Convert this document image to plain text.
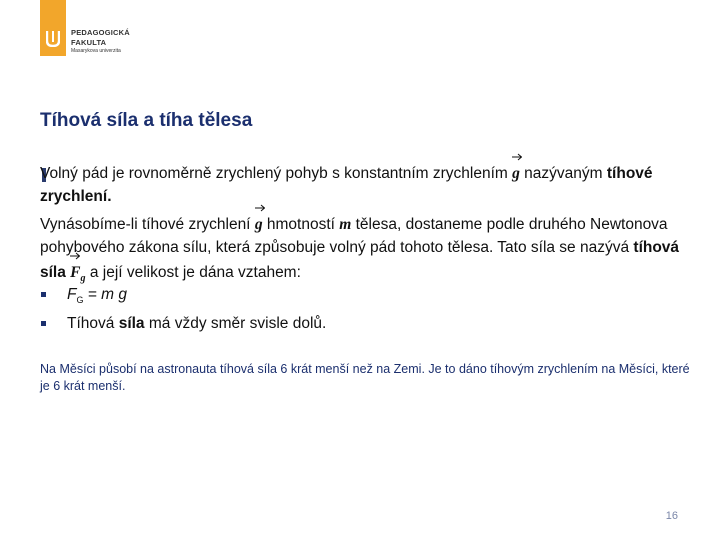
PEDAGOGICKÁ
FAKULTA
Masarykova univerzita
Tíhová síla a tíha tělesa

Volný pád je rovnoměrně zrychlený pohyb s konstantním zrychlením
g nazývaným tíhové zrychlení.

Vynásobíme-li tíhové zrychlení
g hmotností m tělesa, dostaneme podle druhého Newtonova pohybového zákona sílu, která způsobuje volný pád tohoto tělesa. Tato síla se nazývá tíhová síla $F_g$ a její velikost je dána vztahem:

$F_G = m$ g
Tíhová síla má vždy směr svisle dolů.

Na Měsíci působí na astronauta tíhová síla 6 krát menší než na Zemi. Je to dáno tíhovým zrychlením na Měsíci, které je 6 krát menší.

16
